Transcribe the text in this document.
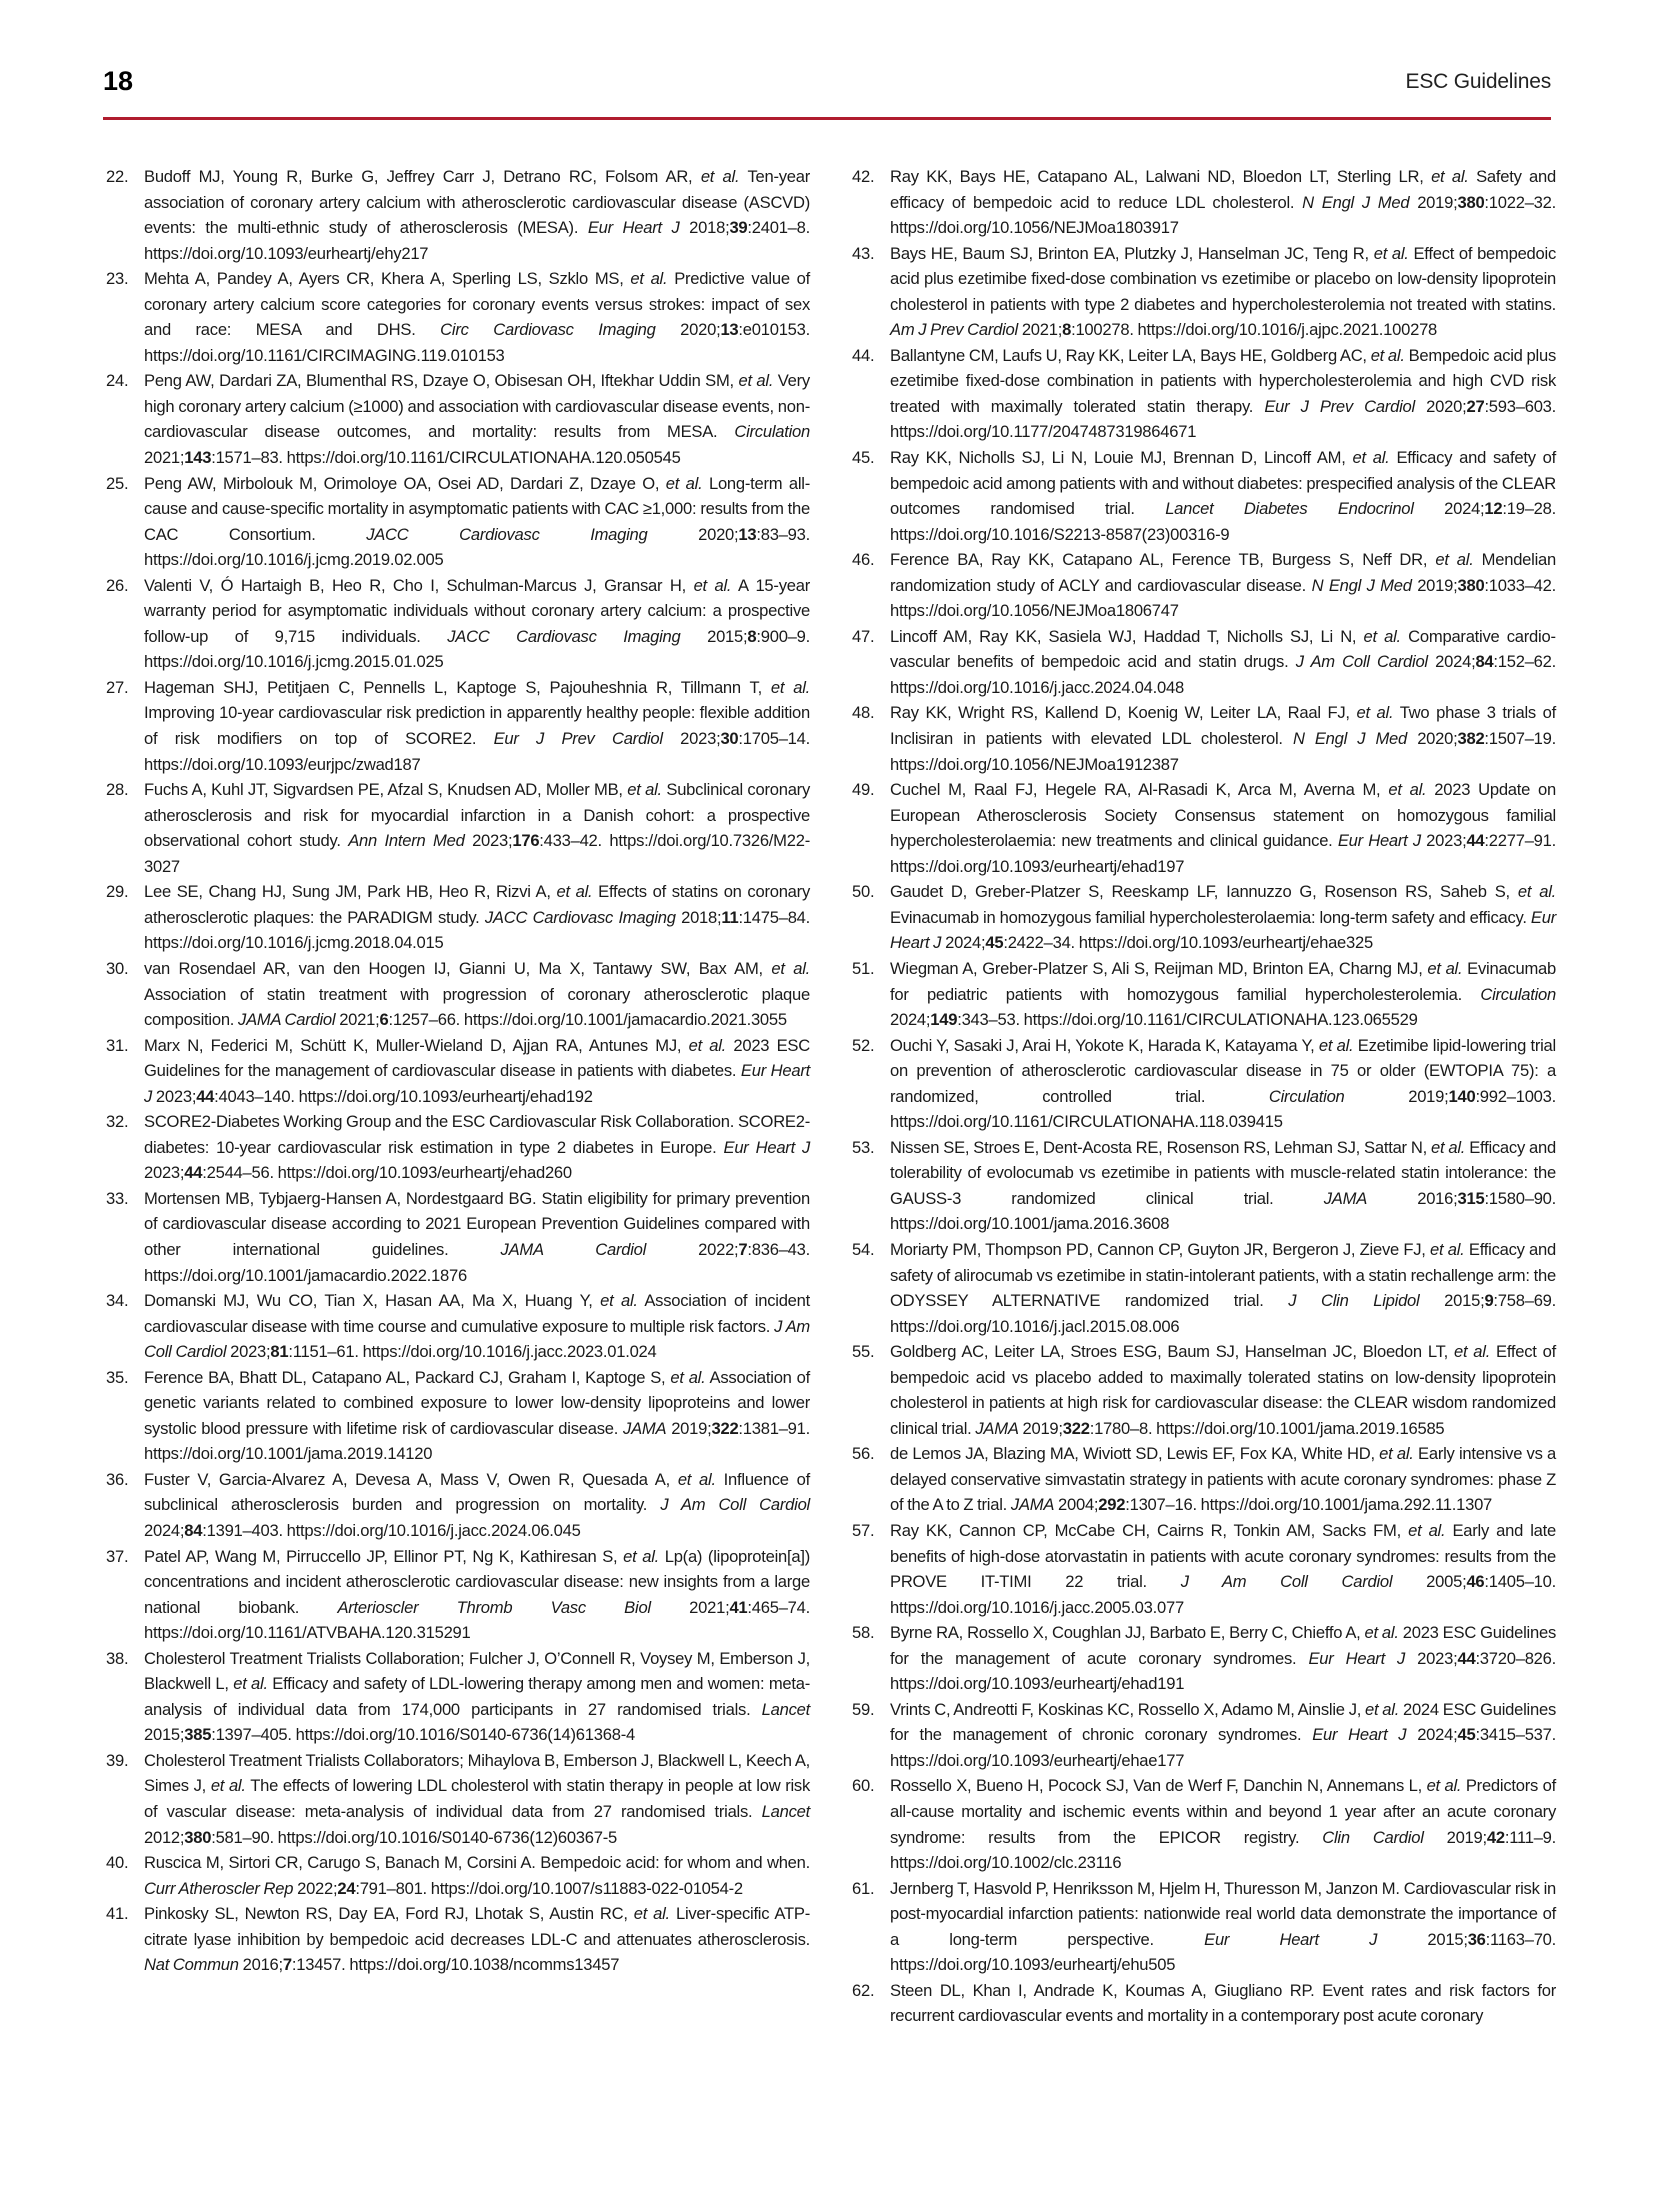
18	ESC Guidelines
22. Budoff MJ, Young R, Burke G, Jeffrey Carr J, Detrano RC, Folsom AR, et al. Ten-year association of coronary artery calcium with atherosclerotic cardiovascular disease (ASCVD) events: the multi-ethnic study of atherosclerosis (MESA). Eur Heart J 2018;39:2401–8. https://doi.org/10.1093/eurheartj/ehy217
23. Mehta A, Pandey A, Ayers CR, Khera A, Sperling LS, Szklo MS, et al. Predictive value of coronary artery calcium score categories for coronary events versus strokes: impact of sex and race: MESA and DHS. Circ Cardiovasc Imaging 2020;13:e010153. https://doi.org/10.1161/CIRCIMAGING.119.010153
24. Peng AW, Dardari ZA, Blumenthal RS, Dzaye O, Obisesan OH, Iftekhar Uddin SM, et al. Very high coronary artery calcium (≥1000) and association with cardiovascular disease events, non-cardiovascular disease outcomes, and mortality: results from MESA. Circulation 2021;143:1571–83. https://doi.org/10.1161/CIRCULATIONAHA.120.050545
25. Peng AW, Mirbolouk M, Orimoloye OA, Osei AD, Dardari Z, Dzaye O, et al. Long-term all-cause and cause-specific mortality in asymptomatic patients with CAC ≥1,000: results from the CAC Consortium. JACC Cardiovasc Imaging 2020;13:83–93. https://doi.org/10.1016/j.jcmg.2019.02.005
26. Valenti V, Ó Hartaigh B, Heo R, Cho I, Schulman-Marcus J, Gransar H, et al. A 15-year warranty period for asymptomatic individuals without coronary artery calcium: a prospective follow-up of 9,715 individuals. JACC Cardiovasc Imaging 2015;8:900–9. https://doi.org/10.1016/j.jcmg.2015.01.025
27. Hageman SHJ, Petitjaen C, Pennells L, Kaptoge S, Pajouheshnia R, Tillmann T, et al. Improving 10-year cardiovascular risk prediction in apparently healthy people: flexible addition of risk modifiers on top of SCORE2. Eur J Prev Cardiol 2023;30:1705–14. https://doi.org/10.1093/eurjpc/zwad187
28. Fuchs A, Kuhl JT, Sigvardsen PE, Afzal S, Knudsen AD, Moller MB, et al. Subclinical coronary atherosclerosis and risk for myocardial infarction in a Danish cohort: a prospective observational cohort study. Ann Intern Med 2023;176:433–42. https://doi.org/10.7326/M22-3027
29. Lee SE, Chang HJ, Sung JM, Park HB, Heo R, Rizvi A, et al. Effects of statins on coronary atherosclerotic plaques: the PARADIGM study. JACC Cardiovasc Imaging 2018;11:1475–84. https://doi.org/10.1016/j.jcmg.2018.04.015
30. van Rosendael AR, van den Hoogen IJ, Gianni U, Ma X, Tantawy SW, Bax AM, et al. Association of statin treatment with progression of coronary atherosclerotic plaque composition. JAMA Cardiol 2021;6:1257–66. https://doi.org/10.1001/jamacardio.2021.3055
31. Marx N, Federici M, Schütt K, Muller-Wieland D, Ajjan RA, Antunes MJ, et al. 2023 ESC Guidelines for the management of cardiovascular disease in patients with diabetes. Eur Heart J 2023;44:4043–140. https://doi.org/10.1093/eurheartj/ehad192
32. SCORE2-Diabetes Working Group and the ESC Cardiovascular Risk Collaboration. SCORE2-diabetes: 10-year cardiovascular risk estimation in type 2 diabetes in Europe. Eur Heart J 2023;44:2544–56. https://doi.org/10.1093/eurheartj/ehad260
33. Mortensen MB, Tybjaerg-Hansen A, Nordestgaard BG. Statin eligibility for primary prevention of cardiovascular disease according to 2021 European Prevention Guidelines compared with other international guidelines. JAMA Cardiol 2022;7:836–43. https://doi.org/10.1001/jamacardio.2022.1876
34. Domanski MJ, Wu CO, Tian X, Hasan AA, Ma X, Huang Y, et al. Association of incident cardiovascular disease with time course and cumulative exposure to multiple risk factors. J Am Coll Cardiol 2023;81:1151–61. https://doi.org/10.1016/j.jacc.2023.01.024
35. Ference BA, Bhatt DL, Catapano AL, Packard CJ, Graham I, Kaptoge S, et al. Association of genetic variants related to combined exposure to lower low-density lipoproteins and lower systolic blood pressure with lifetime risk of cardiovascular disease. JAMA 2019;322:1381–91. https://doi.org/10.1001/jama.2019.14120
36. Fuster V, Garcia-Alvarez A, Devesa A, Mass V, Owen R, Quesada A, et al. Influence of subclinical atherosclerosis burden and progression on mortality. J Am Coll Cardiol 2024;84:1391–403. https://doi.org/10.1016/j.jacc.2024.06.045
37. Patel AP, Wang M, Pirruccello JP, Ellinor PT, Ng K, Kathiresan S, et al. Lp(a) (lipoprotein[a]) concentrations and incident atherosclerotic cardiovascular disease: new insights from a large national biobank. Arterioscler Thromb Vasc Biol 2021;41:465–74. https://doi.org/10.1161/ATVBAHA.120.315291
38. Cholesterol Treatment Trialists Collaboration; Fulcher J, O’Connell R, Voysey M, Emberson J, Blackwell L, et al. Efficacy and safety of LDL-lowering therapy among men and women: meta-analysis of individual data from 174,000 participants in 27 randomised trials. Lancet 2015;385:1397–405. https://doi.org/10.1016/S0140-6736(14)61368-4
39. Cholesterol Treatment Trialists Collaborators; Mihaylova B, Emberson J, Blackwell L, Keech A, Simes J, et al. The effects of lowering LDL cholesterol with statin therapy in people at low risk of vascular disease: meta-analysis of individual data from 27 randomised trials. Lancet 2012;380:581–90. https://doi.org/10.1016/S0140-6736(12)60367-5
40. Ruscica M, Sirtori CR, Carugo S, Banach M, Corsini A. Bempedoic acid: for whom and when. Curr Atheroscler Rep 2022;24:791–801. https://doi.org/10.1007/s11883-022-01054-2
41. Pinkosky SL, Newton RS, Day EA, Ford RJ, Lhotak S, Austin RC, et al. Liver-specific ATP-citrate lyase inhibition by bempedoic acid decreases LDL-C and attenuates atherosclerosis. Nat Commun 2016;7:13457. https://doi.org/10.1038/ncomms13457
42. Ray KK, Bays HE, Catapano AL, Lalwani ND, Bloedon LT, Sterling LR, et al. Safety and efficacy of bempedoic acid to reduce LDL cholesterol. N Engl J Med 2019;380:1022–32. https://doi.org/10.1056/NEJMoa1803917
43. Bays HE, Baum SJ, Brinton EA, Plutzky J, Hanselman JC, Teng R, et al. Effect of bempedoic acid plus ezetimibe fixed-dose combination vs ezetimibe or placebo on low-density lipoprotein cholesterol in patients with type 2 diabetes and hypercholesterolemia not treated with statins. Am J Prev Cardiol 2021;8:100278. https://doi.org/10.1016/j.ajpc.2021.100278
44. Ballantyne CM, Laufs U, Ray KK, Leiter LA, Bays HE, Goldberg AC, et al. Bempedoic acid plus ezetimibe fixed-dose combination in patients with hypercholesterolemia and high CVD risk treated with maximally tolerated statin therapy. Eur J Prev Cardiol 2020;27:593–603. https://doi.org/10.1177/2047487319864671
45. Ray KK, Nicholls SJ, Li N, Louie MJ, Brennan D, Lincoff AM, et al. Efficacy and safety of bempedoic acid among patients with and without diabetes: prespecified analysis of the CLEAR outcomes randomised trial. Lancet Diabetes Endocrinol 2024;12:19–28. https://doi.org/10.1016/S2213-8587(23)00316-9
46. Ference BA, Ray KK, Catapano AL, Ference TB, Burgess S, Neff DR, et al. Mendelian randomization study of ACLY and cardiovascular disease. N Engl J Med 2019;380:1033–42. https://doi.org/10.1056/NEJMoa1806747
47. Lincoff AM, Ray KK, Sasiela WJ, Haddad T, Nicholls SJ, Li N, et al. Comparative cardiovascular benefits of bempedoic acid and statin drugs. J Am Coll Cardiol 2024;84:152–62. https://doi.org/10.1016/j.jacc.2024.04.048
48. Ray KK, Wright RS, Kallend D, Koenig W, Leiter LA, Raal FJ, et al. Two phase 3 trials of Inclisiran in patients with elevated LDL cholesterol. N Engl J Med 2020;382:1507–19. https://doi.org/10.1056/NEJMoa1912387
49. Cuchel M, Raal FJ, Hegele RA, Al-Rasadi K, Arca M, Averna M, et al. 2023 Update on European Atherosclerosis Society Consensus statement on homozygous familial hypercholesterolaemia: new treatments and clinical guidance. Eur Heart J 2023;44:2277–91. https://doi.org/10.1093/eurheartj/ehad197
50. Gaudet D, Greber-Platzer S, Reeskamp LF, Iannuzzo G, Rosenson RS, Saheb S, et al. Evinacumab in homozygous familial hypercholesterolaemia: long-term safety and efficacy. Eur Heart J 2024;45:2422–34. https://doi.org/10.1093/eurheartj/ehae325
51. Wiegman A, Greber-Platzer S, Ali S, Reijman MD, Brinton EA, Charng MJ, et al. Evinacumab for pediatric patients with homozygous familial hypercholesterolemia. Circulation 2024;149:343–53. https://doi.org/10.1161/CIRCULATIONAHA.123.065529
52. Ouchi Y, Sasaki J, Arai H, Yokote K, Harada K, Katayama Y, et al. Ezetimibe lipid-lowering trial on prevention of atherosclerotic cardiovascular disease in 75 or older (EWTOPIA 75): a randomized, controlled trial. Circulation 2019;140:992–1003. https://doi.org/10.1161/CIRCULATIONAHA.118.039415
53. Nissen SE, Stroes E, Dent-Acosta RE, Rosenson RS, Lehman SJ, Sattar N, et al. Efficacy and tolerability of evolocumab vs ezetimibe in patients with muscle-related statin intolerance: the GAUSS-3 randomized clinical trial. JAMA 2016;315:1580–90. https://doi.org/10.1001/jama.2016.3608
54. Moriarty PM, Thompson PD, Cannon CP, Guyton JR, Bergeron J, Zieve FJ, et al. Efficacy and safety of alirocumab vs ezetimibe in statin-intolerant patients, with a statin rechallenge arm: the ODYSSEY ALTERNATIVE randomized trial. J Clin Lipidol 2015;9:758–69. https://doi.org/10.1016/j.jacl.2015.08.006
55. Goldberg AC, Leiter LA, Stroes ESG, Baum SJ, Hanselman JC, Bloedon LT, et al. Effect of bempedoic acid vs placebo added to maximally tolerated statins on low-density lipoprotein cholesterol in patients at high risk for cardiovascular disease: the CLEAR wisdom randomized clinical trial. JAMA 2019;322:1780–8. https://doi.org/10.1001/jama.2019.16585
56. de Lemos JA, Blazing MA, Wiviott SD, Lewis EF, Fox KA, White HD, et al. Early intensive vs a delayed conservative simvastatin strategy in patients with acute coronary syndromes: phase Z of the A to Z trial. JAMA 2004;292:1307–16. https://doi.org/10.1001/jama.292.11.1307
57. Ray KK, Cannon CP, McCabe CH, Cairns R, Tonkin AM, Sacks FM, et al. Early and late benefits of high-dose atorvastatin in patients with acute coronary syndromes: results from the PROVE IT-TIMI 22 trial. J Am Coll Cardiol 2005;46:1405–10. https://doi.org/10.1016/j.jacc.2005.03.077
58. Byrne RA, Rossello X, Coughlan JJ, Barbato E, Berry C, Chieffo A, et al. 2023 ESC Guidelines for the management of acute coronary syndromes. Eur Heart J 2023;44:3720–826. https://doi.org/10.1093/eurheartj/ehad191
59. Vrints C, Andreotti F, Koskinas KC, Rossello X, Adamo M, Ainslie J, et al. 2024 ESC Guidelines for the management of chronic coronary syndromes. Eur Heart J 2024;45:3415–537. https://doi.org/10.1093/eurheartj/ehae177
60. Rossello X, Bueno H, Pocock SJ, Van de Werf F, Danchin N, Annemans L, et al. Predictors of all-cause mortality and ischemic events within and beyond 1 year after an acute coronary syndrome: results from the EPICOR registry. Clin Cardiol 2019;42:111–9. https://doi.org/10.1002/clc.23116
61. Jernberg T, Hasvold P, Henriksson M, Hjelm H, Thuresson M, Janzon M. Cardiovascular risk in post-myocardial infarction patients: nationwide real world data demonstrate the importance of a long-term perspective. Eur Heart J 2015;36:1163–70. https://doi.org/10.1093/eurheartj/ehu505
62. Steen DL, Khan I, Andrade K, Koumas A, Giugliano RP. Event rates and risk factors for recurrent cardiovascular events and mortality in a contemporary post acute coronary
